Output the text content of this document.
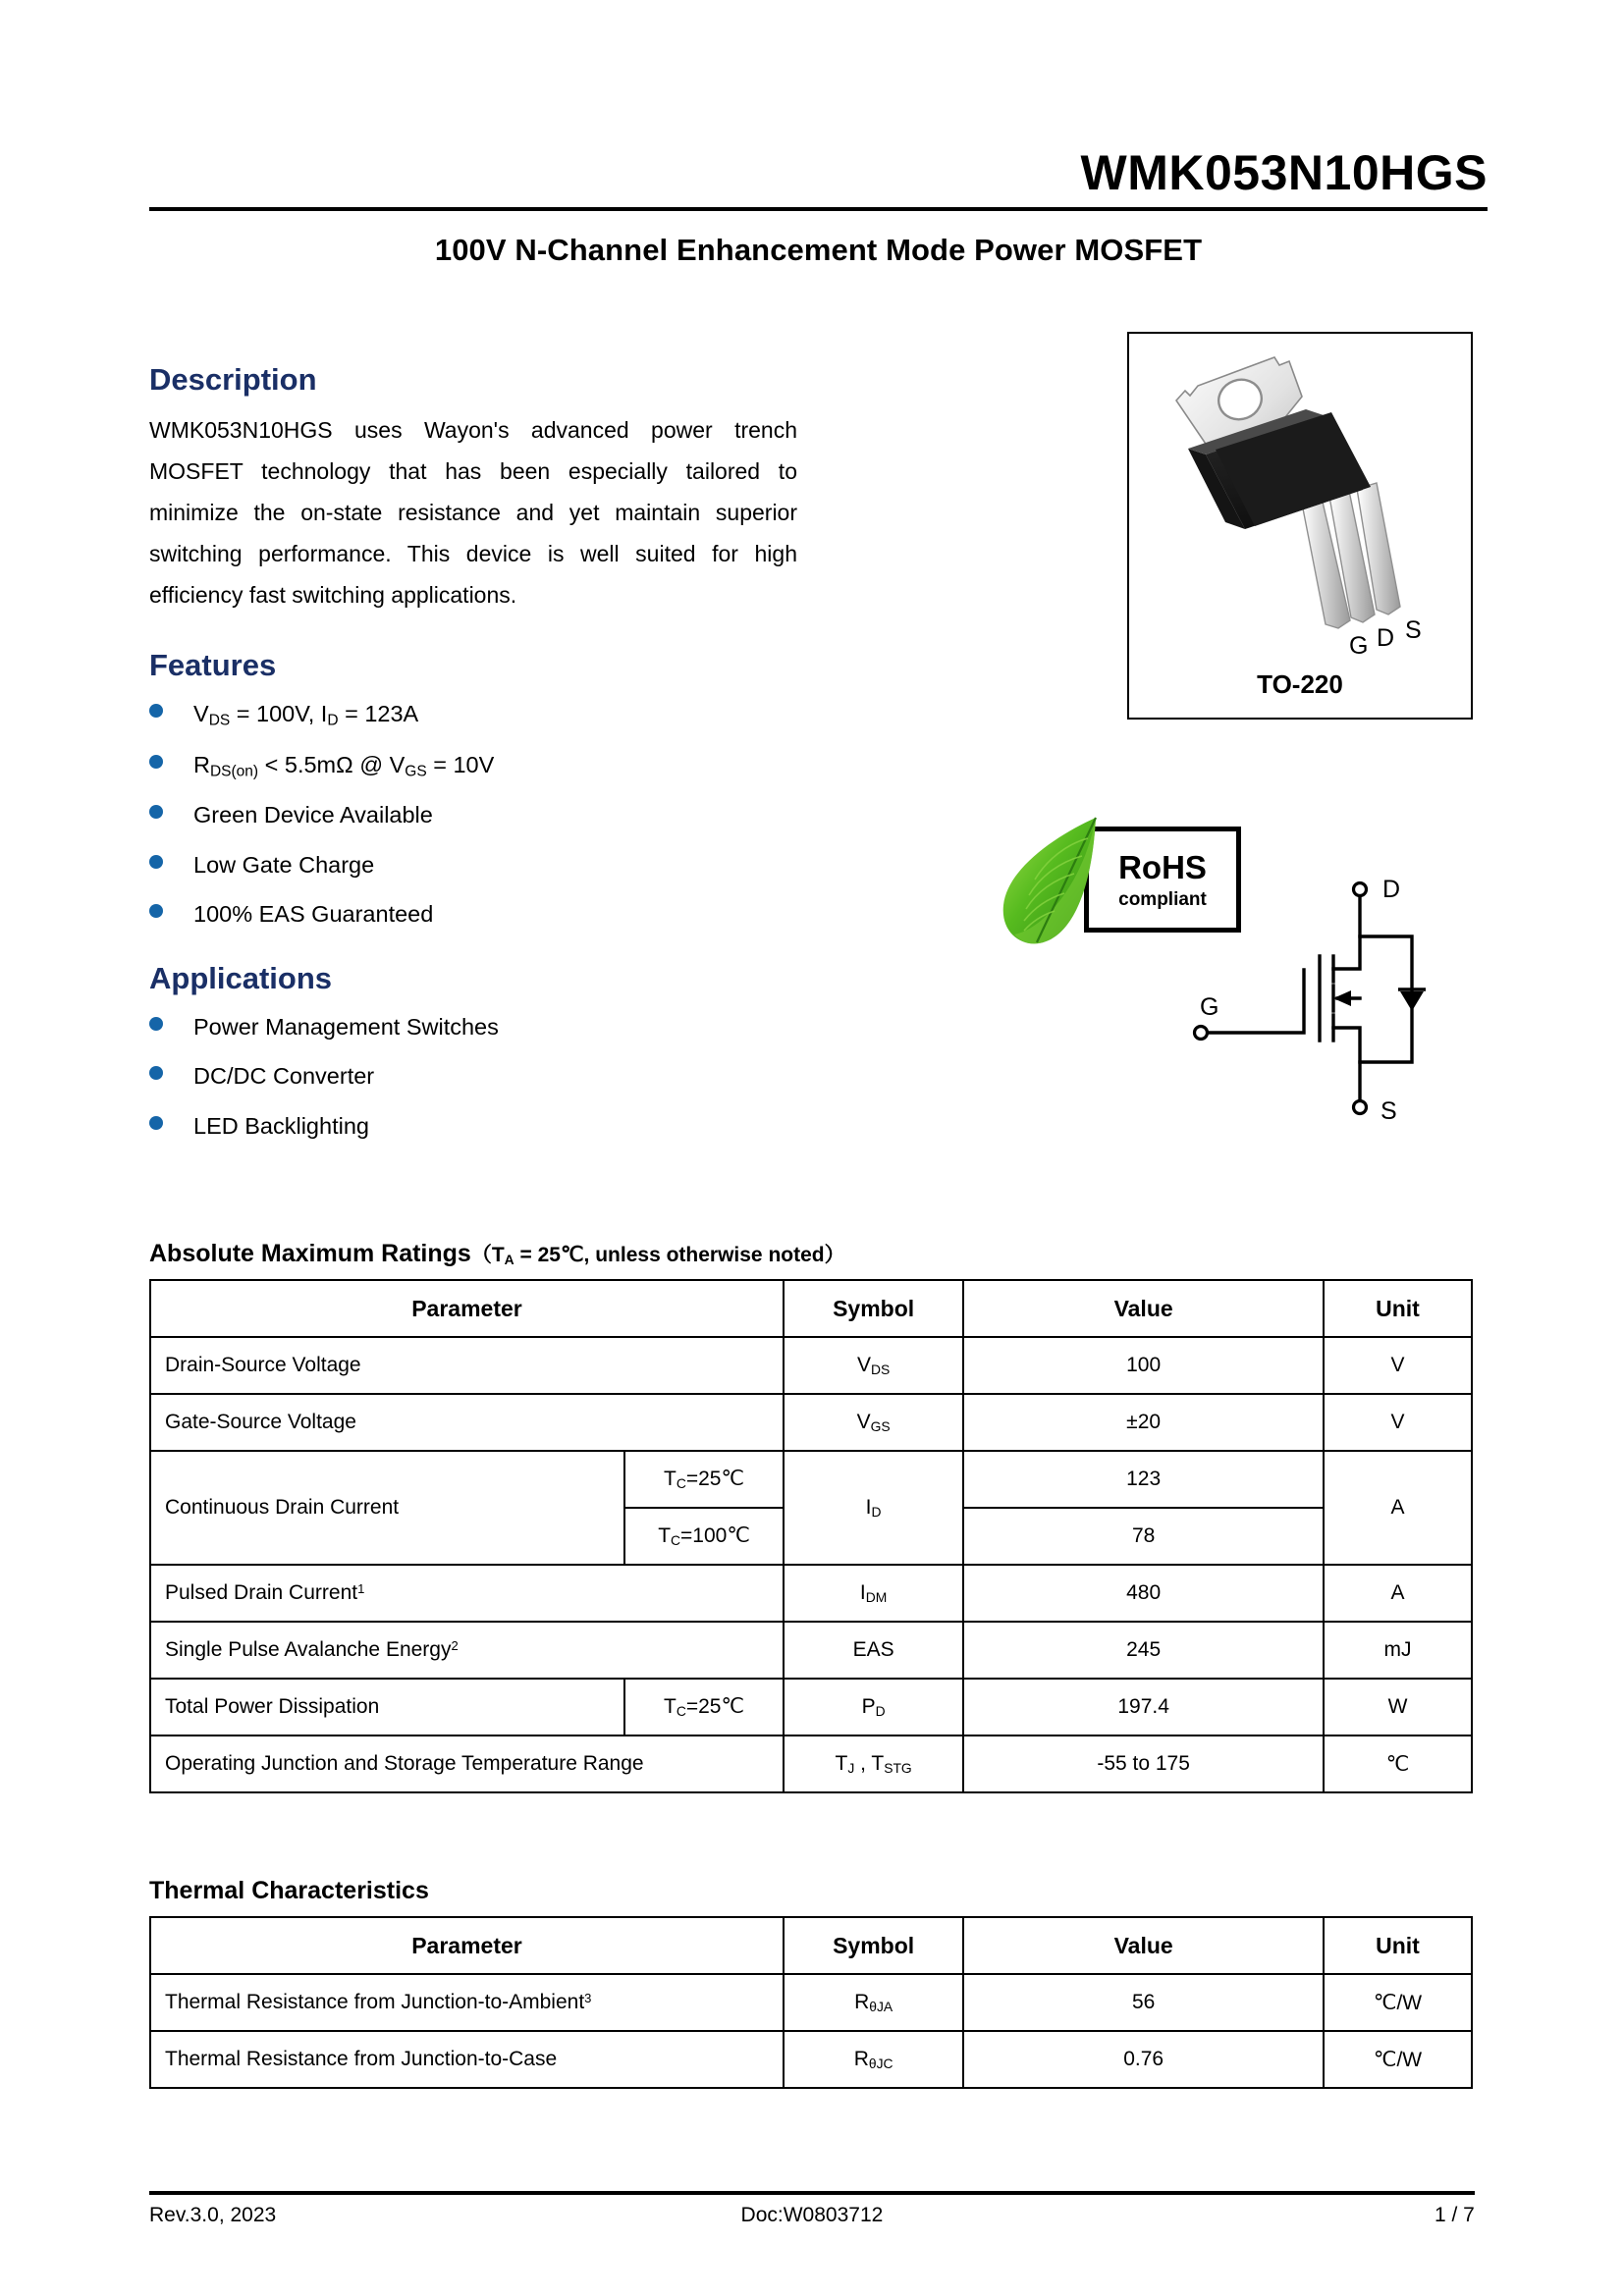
WMK053N10HGS
100V N-Channel Enhancement Mode Power MOSFET
Description

WMK053N10HGS uses Wayon's advanced power trench MOSFET technology that has been especially tailored to minimize the on-state resistance and yet maintain superior switching performance. This device is well suited for high efficiency fast switching applications.

Features
$V_{DS} = 100V$, $I_D = 123A$
$R_{DS(on)} < 5.5m\Omega$ @ $V_{GS} = 10V$
Green Device Available
Low Gate Charge
100% EAS Guaranteed
Applications
Power Management Switches
DC/DC Converter
LED Backlighting
G D S
TO-220
RoHS
compliant	D
S
G
Absolute Maximum $Ratings(T_A$ = 25℃, unless otherwise noted）
Parameter		Symbol	Value	Unit
Drain-Source Voltage		$V_{DS}$	100	V
Gate-Source Voltage		$V_{GS}$	±20	V
Continuous Drain Current	$T_C=25℃$	$I_D$	123	A
	$T_C=100℃$		78	
Pulsed Drain Current$^1$		$I_{DM}$	480	A
Single Pulse Avalanche Energy$^2$		EAS	245	mJ
Total Power Dissipation	$T_C=25℃$	$P_D$	197.4	W
Operating Junction and Storage Temperature Range		$T_J$ , $T_{STG}$	-55 to 175	℃
Thermal Characteristics
Parameter	Symbol	Value	Unit
Thermal Resistance from Junction-to-Ambient$^3$	$R_{\theta JA}$	56	℃/W
Thermal Resistance from Junction-to-Case	$R_{\theta JC}$	0.76	℃/W
Rev.3.0, 2023	Doc:W0803712	1 / 7
